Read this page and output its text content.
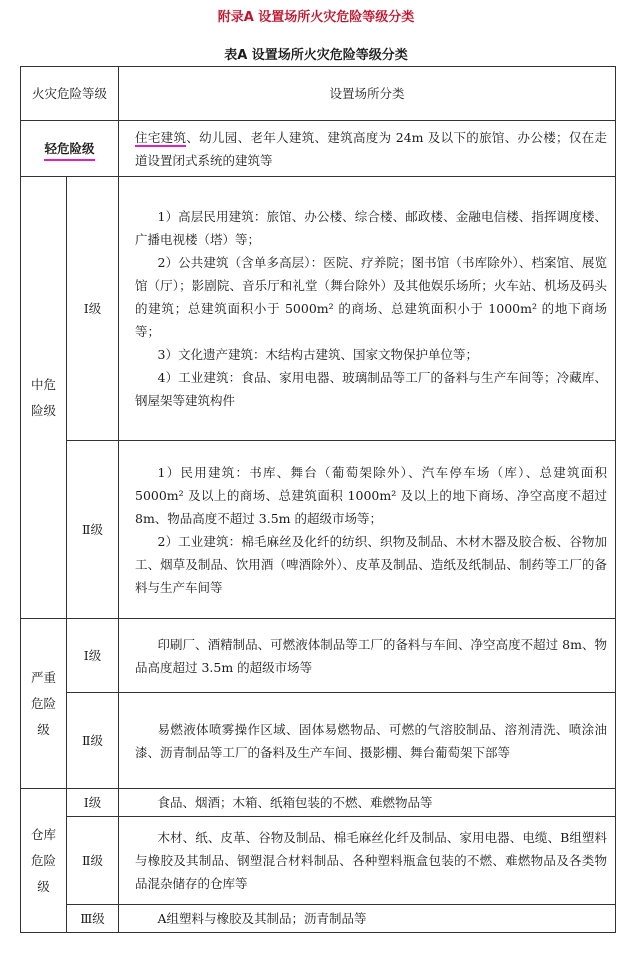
附录A 设置场所火灾危险等级分类
表A 设置场所火灾危险等级分类
火灾危险等级		设置场所分类
轻危险级		住宅建筑、幼儿园、老年人建筑、建筑高度为 24m 及以下的旅馆、办公楼；仅在走道设置闭式系统的建筑等
中危险级	Ⅰ级	1）高层民用建筑：旅馆、办公楼、综合楼、邮政楼、金融电信楼、指挥调度楼、广播电视楼（塔）等；

2）公共建筑（含单多高层）：医院、疗养院；图书馆（书库除外）、档案馆、展览馆（厅）；影剧院、音乐厅和礼堂（舞台除外）及其他娱乐场所；火车站、机场及码头的建筑；总建筑面积小于 5000m² 的商场、总建筑面积小于 1000m² 的地下商场等；

3）文化遗产建筑：木结构古建筑、国家文物保护单位等；

4）工业建筑：食品、家用电器、玻璃制品等工厂的备料与生产车间等；冷藏库、钢屋架等建筑构件

	Ⅱ级	1）民用建筑：书库、舞台（葡萄架除外）、汽车停车场（库）、总建筑面积 5000m² 及以上的商场、总建筑面积 1000m² 及以上的地下商场、净空高度不超过 8m、物品高度不超过 3.5m 的超级市场等；

2）工业建筑：棉毛麻丝及化纤的纺织、织物及制品、木材木器及胶合板、谷物加工、烟草及制品、饮用酒（啤酒除外）、皮革及制品、造纸及纸制品、制药等工厂的备料与生产车间等

严重危险级	Ⅰ级	印刷厂、酒精制品、可燃液体制品等工厂的备料与车间、净空高度不超过 8m、物品高度超过 3.5m 的超级市场等

	Ⅱ级	易燃液体喷雾操作区域、固体易燃物品、可燃的气溶胶制品、溶剂清洗、喷涂油漆、沥青制品等工厂的备料及生产车间、摄影棚、舞台葡萄架下部等

仓库危险级	Ⅰ级	食品、烟酒；木箱、纸箱包装的不燃、难燃物品等

	Ⅱ级	木材、纸、皮革、谷物及制品、棉毛麻丝化纤及制品、家用电器、电缆、B组塑料与橡胶及其制品、钢塑混合材料制品、各种塑料瓶盒包装的不燃、难燃物品及各类物品混杂储存的仓库等

	Ⅲ级	A组塑料与橡胶及其制品；沥青制品等
